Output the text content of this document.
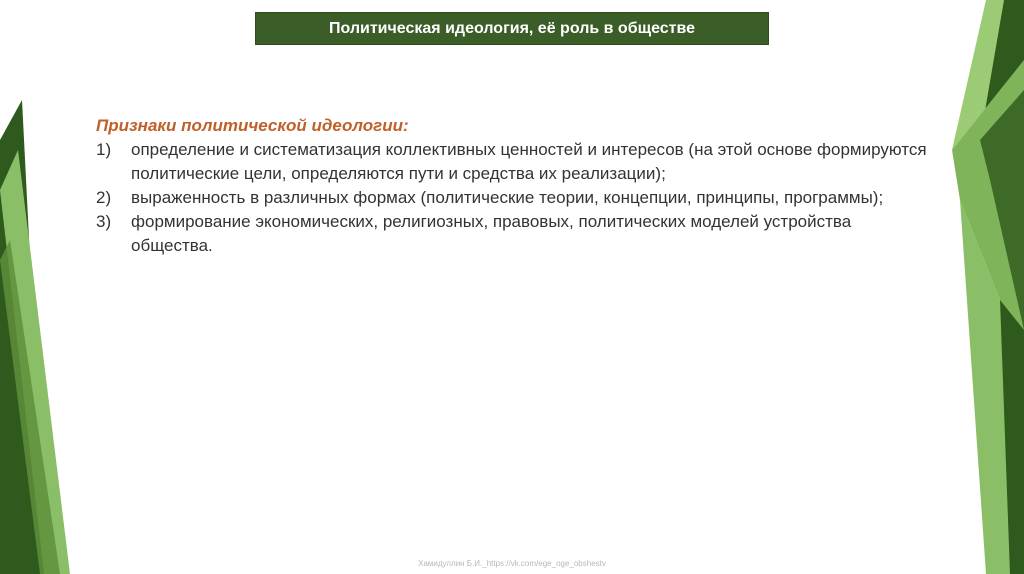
Политическая идеология, её роль в обществе

Признаки политической идеологии:

1)	определение и систематизация коллективных ценностей и интересов (на этой основе формируются политические цели, определяются пути и средства их реализации);
2)	выраженность в различных формах (политические теории, концепции, принципы, программы);
3)	формирование экономических, религиозных, правовых, политических моделей устройства общества.
Хамидуллин Б.И._https://vk.com/ege_oge_obshestv
